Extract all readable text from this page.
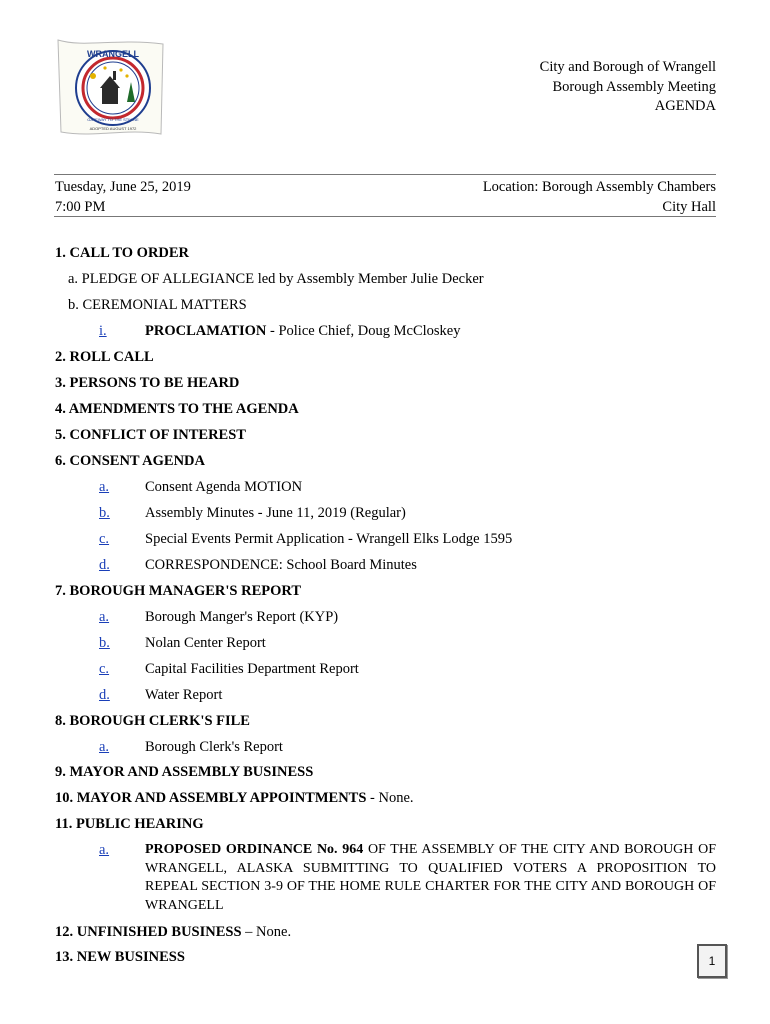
WRANGELL
GATEWAY TO THE STIKINE
ADOPTED AUGUST 1972
City and Borough of Wrangell
Borough Assembly Meeting
AGENDA
Tuesday, June 25, 2019
7:00 PM
Location: Borough Assembly Chambers
City Hall
1. CALL TO ORDER
a. PLEDGE OF ALLEGIANCE led by Assembly Member Julie Decker
b. CEREMONIAL MATTERS
i.	PROCLAMATION - Police Chief, Doug McCloskey
2. ROLL CALL
3. PERSONS TO BE HEARD
4. AMENDMENTS TO THE AGENDA
5. CONFLICT OF INTEREST
6. CONSENT AGENDA
a. Consent Agenda MOTION
b. Assembly Minutes - June 11, 2019 (Regular)
c. Special Events Permit Application - Wrangell Elks Lodge 1595
d. CORRESPONDENCE: School Board Minutes
7. BOROUGH MANAGER'S REPORT
a. Borough Manger's Report (KYP)
b. Nolan Center Report
c. Capital Facilities Department Report
d. Water Report
8. BOROUGH CLERK'S FILE
a. Borough Clerk's Report
9. MAYOR AND ASSEMBLY BUSINESS
10. MAYOR AND ASSEMBLY APPOINTMENTS - None.
11. PUBLIC HEARING
a.	PROPOSED ORDINANCE No. 964 OF THE ASSEMBLY OF THE CITY AND BOROUGH OF WRANGELL, ALASKA SUBMITTING TO QUALIFIED VOTERS A PROPOSITION TO REPEAL SECTION 3-9 OF THE HOME RULE CHARTER FOR THE CITY AND BOROUGH OF WRANGELL
12. UNFINISHED BUSINESS – None.
13. NEW BUSINESS	1
